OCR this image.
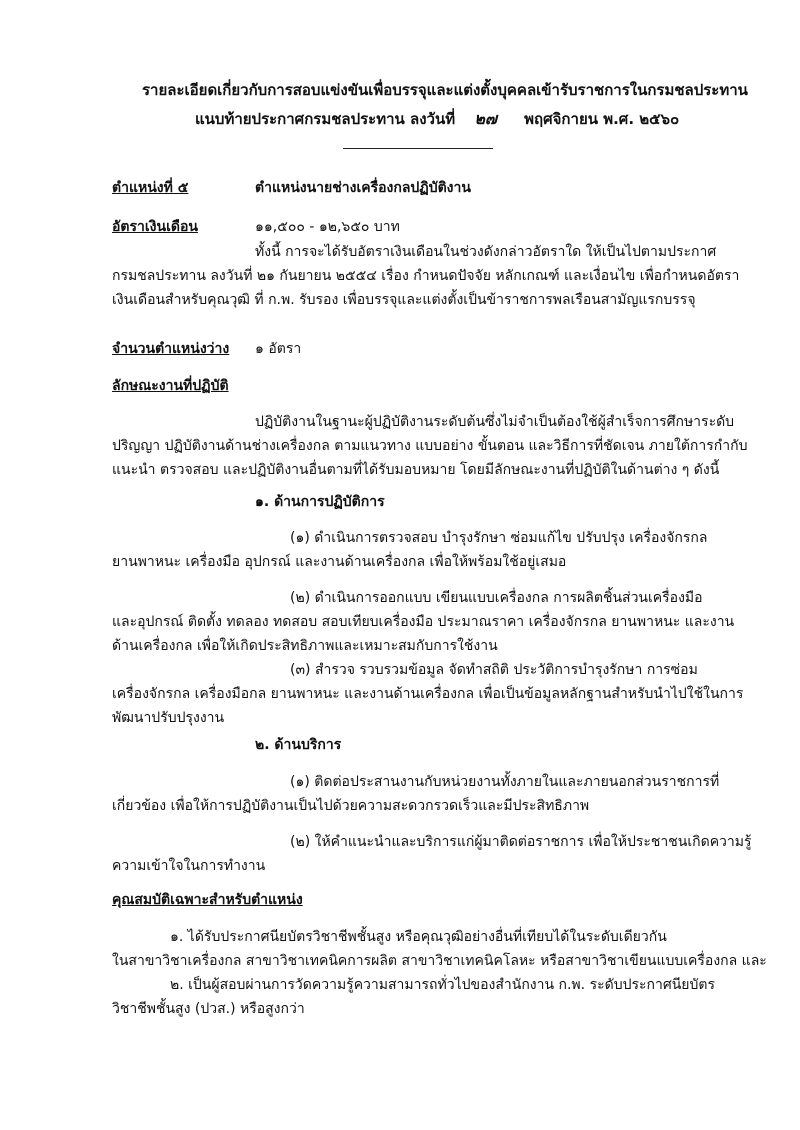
รายละเอียดเกี่ยวกับการสอบแข่งขันเพื่อบรรจุและแต่งตั้งบุคคลเข้ารับราชการในกรมชลประทาน
แนบท้ายประกาศกรมชลประทาน ลงวันที่ ๒๗ พฤศจิกายน พ.ศ. ๒๕๖๐
ตำแหน่งที่ ๕	ตำแหน่งนายช่างเครื่องกลปฏิบัติงาน
อัตราเงินเดือน	๑๑,๕๐๐ - ๑๒,๖๕๐ บาท
ทั้งนี้ การจะได้รับอัตราเงินเดือนในช่วงดังกล่าวอัตราใด ให้เป็นไปตามประกาศ
กรมชลประทาน ลงวันที่ ๒๑ กันยายน ๒๕๕๔ เรื่อง กำหนดปัจจัย หลักเกณฑ์ และเงื่อนไข เพื่อกำหนดอัตรา
เงินเดือนสำหรับคุณวุฒิ ที่ ก.พ. รับรอง เพื่อบรรจุและแต่งตั้งเป็นข้าราชการพลเรือนสามัญแรกบรรจุ
จำนวนตำแหน่งว่าง ๑ อัตรา
ลักษณะงานที่ปฏิบัติ
ปฏิบัติงานในฐานะผู้ปฏิบัติงานระดับต้นซึ่งไม่จำเป็นต้องใช้ผู้สำเร็จการศึกษาระดับ
ปริญญา ปฏิบัติงานด้านช่างเครื่องกล ตามแนวทาง แบบอย่าง ขั้นตอน และวิธีการที่ชัดเจน ภายใต้การกำกับ
แนะนำ ตรวจสอบ และปฏิบัติงานอื่นตามที่ได้รับมอบหมาย โดยมีลักษณะงานที่ปฏิบัติในด้านต่าง ๆ ดังนี้
๑. ด้านการปฏิบัติการ
(๑) ดำเนินการตรวจสอบ บำรุงรักษา ซ่อมแก้ไข ปรับปรุง เครื่องจักรกล
ยานพาหนะ เครื่องมือ อุปกรณ์ และงานด้านเครื่องกล เพื่อให้พร้อมใช้อยู่เสมอ
(๒) ดำเนินการออกแบบ เขียนแบบเครื่องกล การผลิตชิ้นส่วนเครื่องมือ
และอุปกรณ์ ติดตั้ง ทดลอง ทดสอบ สอบเทียบเครื่องมือ ประมาณราคา เครื่องจักรกล ยานพาหนะ และงาน
ด้านเครื่องกล เพื่อให้เกิดประสิทธิภาพและเหมาะสมกับการใช้งาน
(๓) สำรวจ รวบรวมข้อมูล จัดทำสถิติ ประวัติการบำรุงรักษา การซ่อม
เครื่องจักรกล เครื่องมือกล ยานพาหนะ และงานด้านเครื่องกล เพื่อเป็นข้อมูลหลักฐานสำหรับนำไปใช้ในการ
พัฒนาปรับปรุงงาน
๒. ด้านบริการ
(๑) ติดต่อประสานงานกับหน่วยงานทั้งภายในและภายนอกส่วนราชการที่
เกี่ยวข้อง เพื่อให้การปฏิบัติงานเป็นไปด้วยความสะดวกรวดเร็วและมีประสิทธิภาพ
(๒) ให้คำแนะนำและบริการแก่ผู้มาติดต่อราชการ เพื่อให้ประชาชนเกิดความรู้
ความเข้าใจในการทำงาน
คุณสมบัติเฉพาะสำหรับตำแหน่ง
๑. ได้รับประกาศนียบัตรวิชาชีพชั้นสูง หรือคุณวุฒิอย่างอื่นที่เทียบได้ในระดับเดียวกัน
ในสาขาวิชาเครื่องกล สาขาวิชาเทคนิคการผลิต สาขาวิชาเทคนิคโลหะ หรือสาขาวิชาเขียนแบบเครื่องกล และ
๒. เป็นผู้สอบผ่านการวัดความรู้ความสามารถทั่วไปของสำนักงาน ก.พ. ระดับประกาศนียบัตร
วิชาชีพชั้นสูง (ปวส.) หรือสูงกว่า
